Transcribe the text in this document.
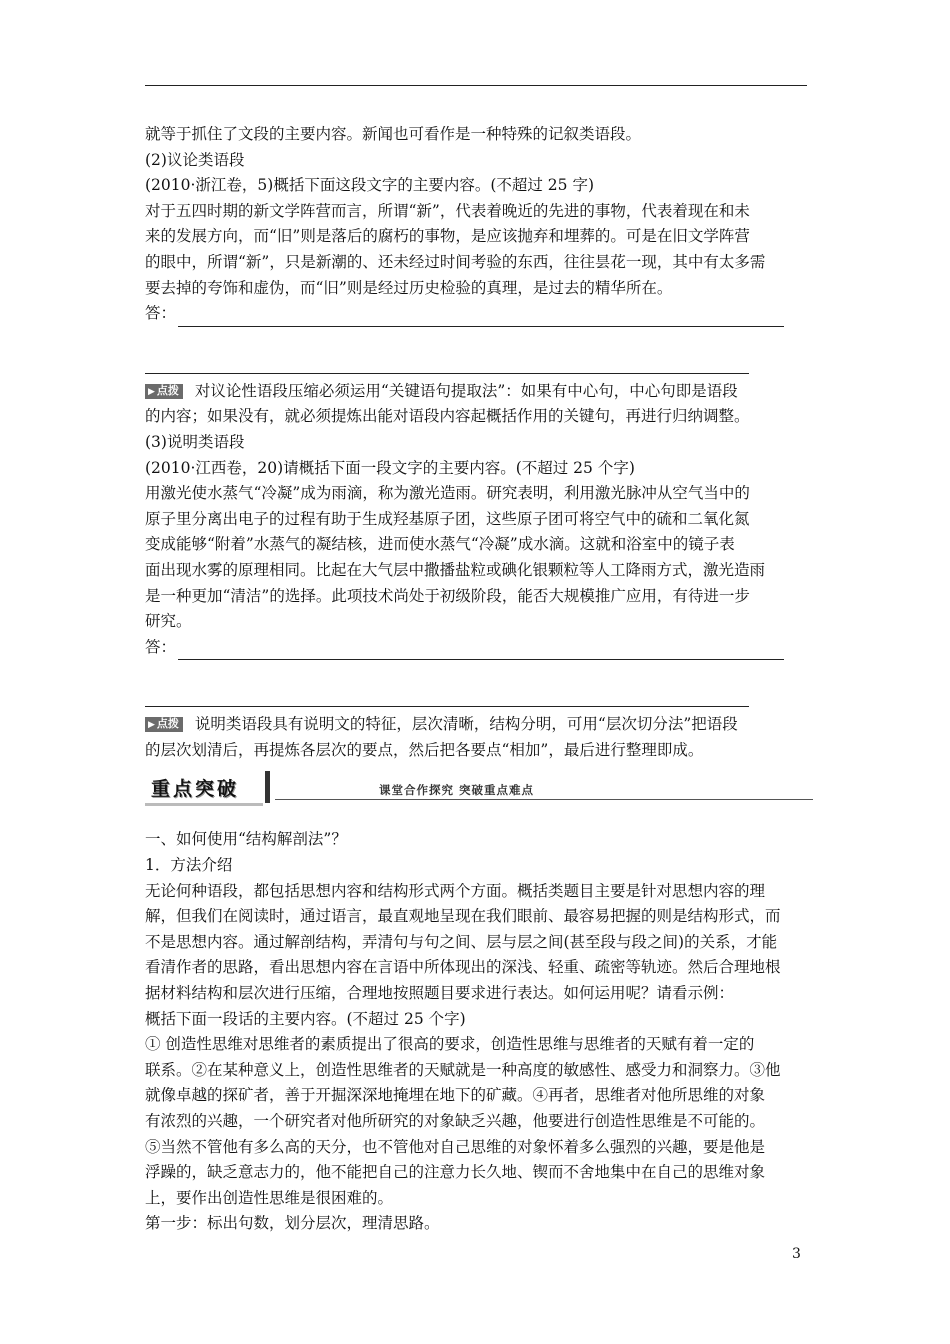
就等于抓住了文段的主要内容。新闻也可看作是一种特殊的记叙类语段。
(2)议论类语段
(2010·浙江卷，5)概括下面这段文字的主要内容。(不超过 25 字)
对于五四时期的新文学阵营而言，所谓“新”，代表着晚近的先进的事物，代表着现在和未
来的发展方向，而“旧”则是落后的腐朽的事物，是应该抛弃和埋葬的。可是在旧文学阵营
的眼中，所谓“新”，只是新潮的、还未经过时间考验的东西，往往昙花一现，其中有太多需
要去掉的夸饰和虚伪，而“旧”则是经过历史检验的真理，是过去的精华所在。
答：
▶ 点拨 对议论性语段压缩必须运用“关键语句提取法”：如果有中心句，中心句即是语段
的内容；如果没有，就必须提炼出能对语段内容起概括作用的关键句，再进行归纳调整。
(3)说明类语段
(2010·江西卷，20)请概括下面一段文字的主要内容。(不超过 25 个字)
用激光使水蒸气“冷凝”成为雨滴，称为激光造雨。研究表明，利用激光脉冲从空气当中的
原子里分离出电子的过程有助于生成羟基原子团，这些原子团可将空气中的硫和二氧化氮
变成能够“附着”水蒸气的凝结核，进而使水蒸气“冷凝”成水滴。这就和浴室中的镜子表
面出现水雾的原理相同。比起在大气层中撒播盐粒或碘化银颗粒等人工降雨方式，激光造雨
是一种更加“清洁”的选择。此项技术尚处于初级阶段，能否大规模推广应用，有待进一步
研究。
答：
▶ 点拨 说明类语段具有说明文的特征，层次清晰，结构分明，可用“层次切分法”把语段
的层次划清后，再提炼各层次的要点，然后把各要点“相加”，最后进行整理即成。
重点突破	课堂合作探究 突破重点难点
一、如何使用“结构解剖法”？
1．方法介绍
无论何种语段，都包括思想内容和结构形式两个方面。概括类题目主要是针对思想内容的理
解，但我们在阅读时，通过语言，最直观地呈现在我们眼前、最容易把握的则是结构形式，而
不是思想内容。通过解剖结构，弄清句与句之间、层与层之间(甚至段与段之间)的关系，才能
看清作者的思路，看出思想内容在言语中所体现出的深浅、轻重、疏密等轨迹。然后合理地根
据材料结构和层次进行压缩，合理地按照题目要求进行表达。如何运用呢？请看示例：
概括下面一段话的主要内容。(不超过 25 个字)
① 创造性思维对思维者的素质提出了很高的要求，创造性思维与思维者的天赋有着一定的
联系。②在某种意义上，创造性思维者的天赋就是一种高度的敏感性、感受力和洞察力。③他
就像卓越的探矿者，善于开掘深深地掩埋在地下的矿藏。④再者，思维者对他所思维的对象
有浓烈的兴趣，一个研究者对他所研究的对象缺乏兴趣，他要进行创造性思维是不可能的。
⑤当然不管他有多么高的天分，也不管他对自己思维的对象怀着多么强烈的兴趣，要是他是
浮躁的，缺乏意志力的，他不能把自己的注意力长久地、锲而不舍地集中在自己的思维对象
上，要作出创造性思维是很困难的。
第一步：标出句数，划分层次，理清思路。
3
